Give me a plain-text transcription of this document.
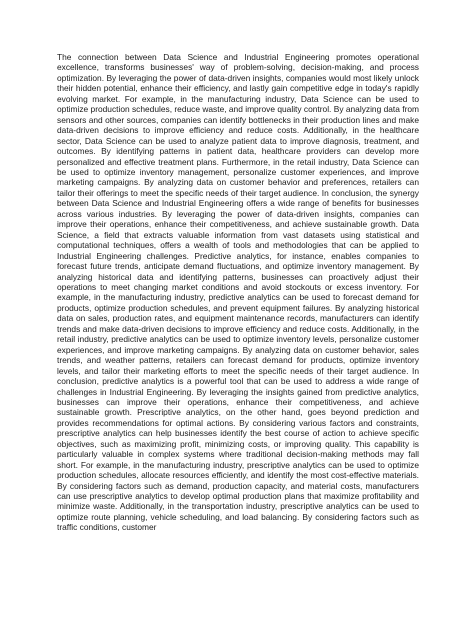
The connection between Data Science and Industrial Engineering promotes operational excellence, transforms businesses' way of problem-solving, decision-making, and process optimization. By leveraging the power of data-driven insights, companies would most likely unlock their hidden potential, enhance their efficiency, and lastly gain competitive edge in today's rapidly evolving market. For example, in the manufacturing industry, Data Science can be used to optimize production schedules, reduce waste, and improve quality control. By analyzing data from sensors and other sources, companies can identify bottlenecks in their production lines and make data-driven decisions to improve efficiency and reduce costs. Additionally, in the healthcare sector, Data Science can be used to analyze patient data to improve diagnosis, treatment, and outcomes. By identifying patterns in patient data, healthcare providers can develop more personalized and effective treatment plans. Furthermore, in the retail industry, Data Science can be used to optimize inventory management, personalize customer experiences, and improve marketing campaigns. By analyzing data on customer behavior and preferences, retailers can tailor their offerings to meet the specific needs of their target audience. In conclusion, the synergy between Data Science and Industrial Engineering offers a wide range of benefits for businesses across various industries. By leveraging the power of data-driven insights, companies can improve their operations, enhance their competitiveness, and achieve sustainable growth. Data Science, a field that extracts valuable information from vast datasets using statistical and computational techniques, offers a wealth of tools and methodologies that can be applied to Industrial Engineering challenges. Predictive analytics, for instance, enables companies to forecast future trends, anticipate demand fluctuations, and optimize inventory management. By analyzing historical data and identifying patterns, businesses can proactively adjust their operations to meet changing market conditions and avoid stockouts or excess inventory. For example, in the manufacturing industry, predictive analytics can be used to forecast demand for products, optimize production schedules, and prevent equipment failures. By analyzing historical data on sales, production rates, and equipment maintenance records, manufacturers can identify trends and make data-driven decisions to improve efficiency and reduce costs. Additionally, in the retail industry, predictive analytics can be used to optimize inventory levels, personalize customer experiences, and improve marketing campaigns. By analyzing data on customer behavior, sales trends, and weather patterns, retailers can forecast demand for products, optimize inventory levels, and tailor their marketing efforts to meet the specific needs of their target audience. In conclusion, predictive analytics is a powerful tool that can be used to address a wide range of challenges in Industrial Engineering. By leveraging the insights gained from predictive analytics, businesses can improve their operations, enhance their competitiveness, and achieve sustainable growth. Prescriptive analytics, on the other hand, goes beyond prediction and provides recommendations for optimal actions. By considering various factors and constraints, prescriptive analytics can help businesses identify the best course of action to achieve specific objectives, such as maximizing profit, minimizing costs, or improving quality. This capability is particularly valuable in complex systems where traditional decision-making methods may fall short. For example, in the manufacturing industry, prescriptive analytics can be used to optimize production schedules, allocate resources efficiently, and identify the most cost-effective materials. By considering factors such as demand, production capacity, and material costs, manufacturers can use prescriptive analytics to develop optimal production plans that maximize profitability and minimize waste. Additionally, in the transportation industry, prescriptive analytics can be used to optimize route planning, vehicle scheduling, and load balancing. By considering factors such as traffic conditions, customer
